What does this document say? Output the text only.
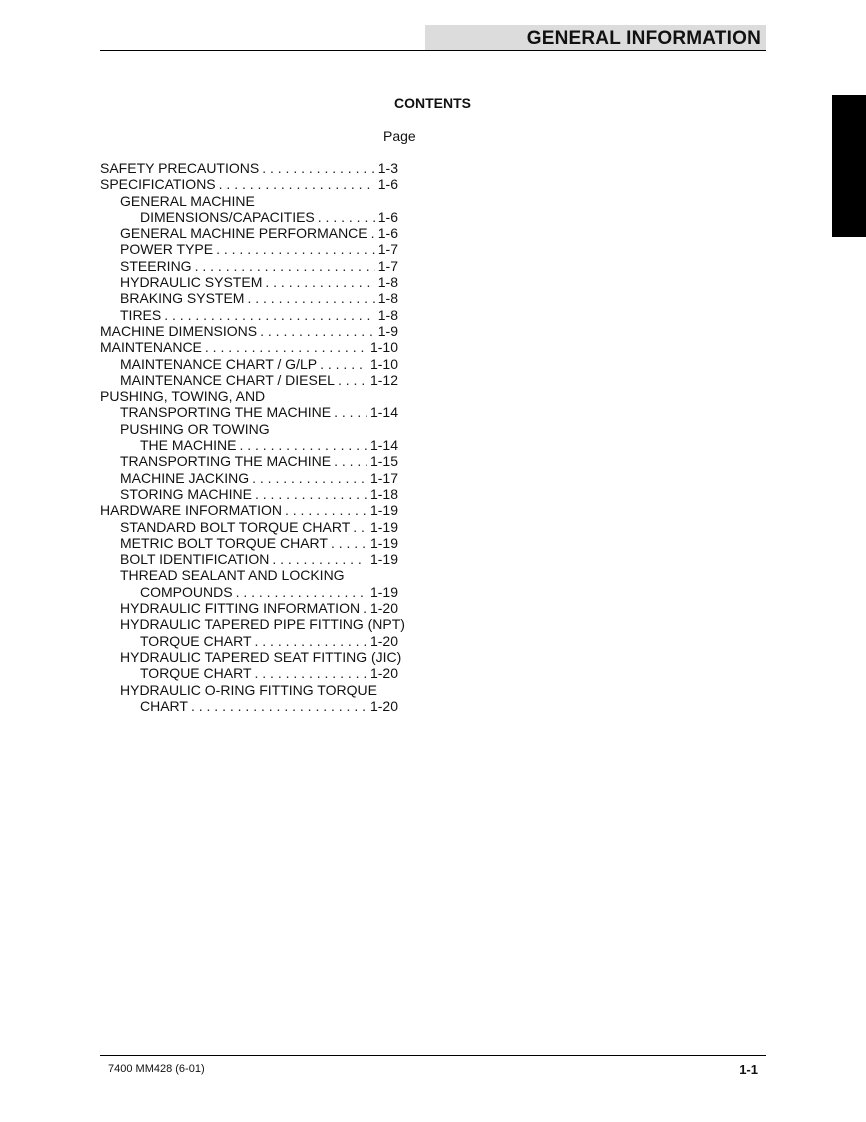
GENERAL INFORMATION
CONTENTS
Page
SAFETY PRECAUTIONS . . .	1-3
SPECIFICATIONS . . .	1-6
GENERAL MACHINE
DIMENSIONS/CAPACITIES . . .	1-6
GENERAL MACHINE PERFORMANCE . . . 1-6
POWER TYPE . . .	1-7
STEERING . . .	1-7
HYDRAULIC SYSTEM . . .	1-8
BRAKING SYSTEM . . .	1-8
TIRES . . .	1-8
MACHINE DIMENSIONS . . .	1-9
MAINTENANCE . . .	1-10
MAINTENANCE CHART / G/LP . . .	1-10
MAINTENANCE CHART / DIESEL . . . 1-12
PUSHING, TOWING, AND
TRANSPORTING THE MACHINE . . .	1-14
PUSHING OR TOWING
THE MACHINE . . .	1-14
TRANSPORTING THE MACHINE . . .	1-15
MACHINE JACKING . . .	1-17
STORING MACHINE . . .	1-18
HARDWARE INFORMATION . . .	1-19
STANDARD BOLT TORQUE CHART . . . 1-19
METRIC BOLT TORQUE CHART . . .	1-19
BOLT IDENTIFICATION . . .	1-19
THREAD SEALANT AND LOCKING
COMPOUNDS . . .	1-19
HYDRAULIC FITTING INFORMATION . . . 1-20
HYDRAULIC TAPERED PIPE FITTING (NPT)
TORQUE CHART . . .	1-20
HYDRAULIC TAPERED SEAT FITTING (JIC)
TORQUE CHART . . .	1-20
HYDRAULIC O-RING FITTING TORQUE
CHART . . .	1-20
7400 MM428 (6-01)	1-1
